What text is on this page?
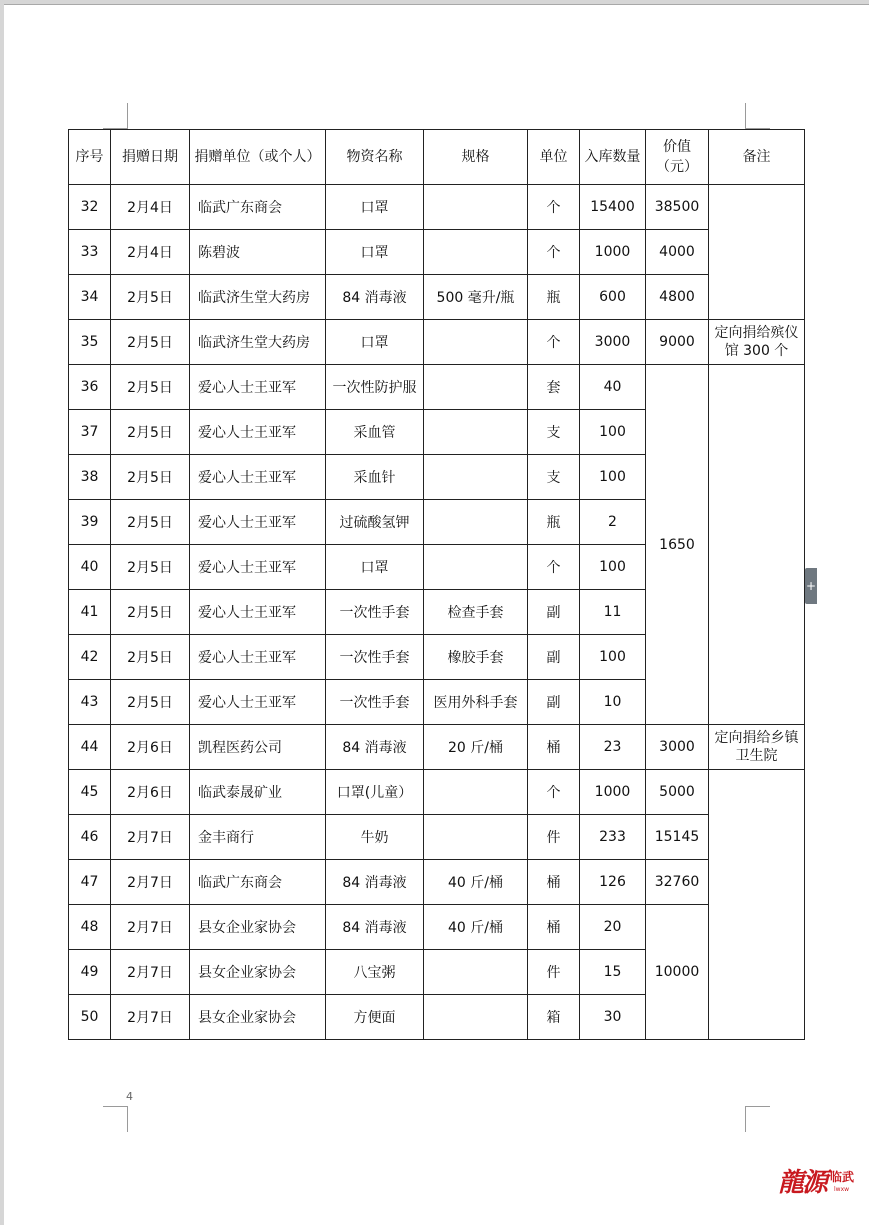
序号	捐赠日期	捐赠单位（或个人）	物资名称	规格	单位	入库数量	价值（元）	备注
32	2月4日	临武广东商会	口罩		个	15400	38500	
33	2月4日	陈碧波	口罩		个	1000	4000	
34	2月5日	临武济生堂大药房	84 消毒液	500 毫升/瓶	瓶	600	4800	
35	2月5日	临武济生堂大药房	口罩		个	3000	9000	定向捐给殡仪馆 300 个
36	2月5日	爱心人士王亚军	一次性防护服		套	40	1650	
37	2月5日	爱心人士王亚军	采血管		支	100		
38	2月5日	爱心人士王亚军	采血针		支	100		
39	2月5日	爱心人士王亚军	过硫酸氢钾		瓶	2		
40	2月5日	爱心人士王亚军	口罩		个	100		
41	2月5日	爱心人士王亚军	一次性手套	检查手套	副	11		
42	2月5日	爱心人士王亚军	一次性手套	橡胶手套	副	100		
43	2月5日	爱心人士王亚军	一次性手套	医用外科手套	副	10		
44	2月6日	凯程医药公司	84 消毒液	20 斤/桶	桶	23	3000	定向捐给乡镇卫生院
45	2月6日	临武泰晟矿业	口罩(儿童）		个	1000	5000	
46	2月7日	金丰商行	牛奶		件	233	15145	
47	2月7日	临武广东商会	84 消毒液	40 斤/桶	桶	126	32760	
48	2月7日	县女企业家协会	84 消毒液	40 斤/桶	桶	20	10000	
49	2月7日	县女企业家协会	八宝粥		件	15		
50	2月7日	县女企业家协会	方便面		箱	30		
4
+
龍源 临武
lwxw
